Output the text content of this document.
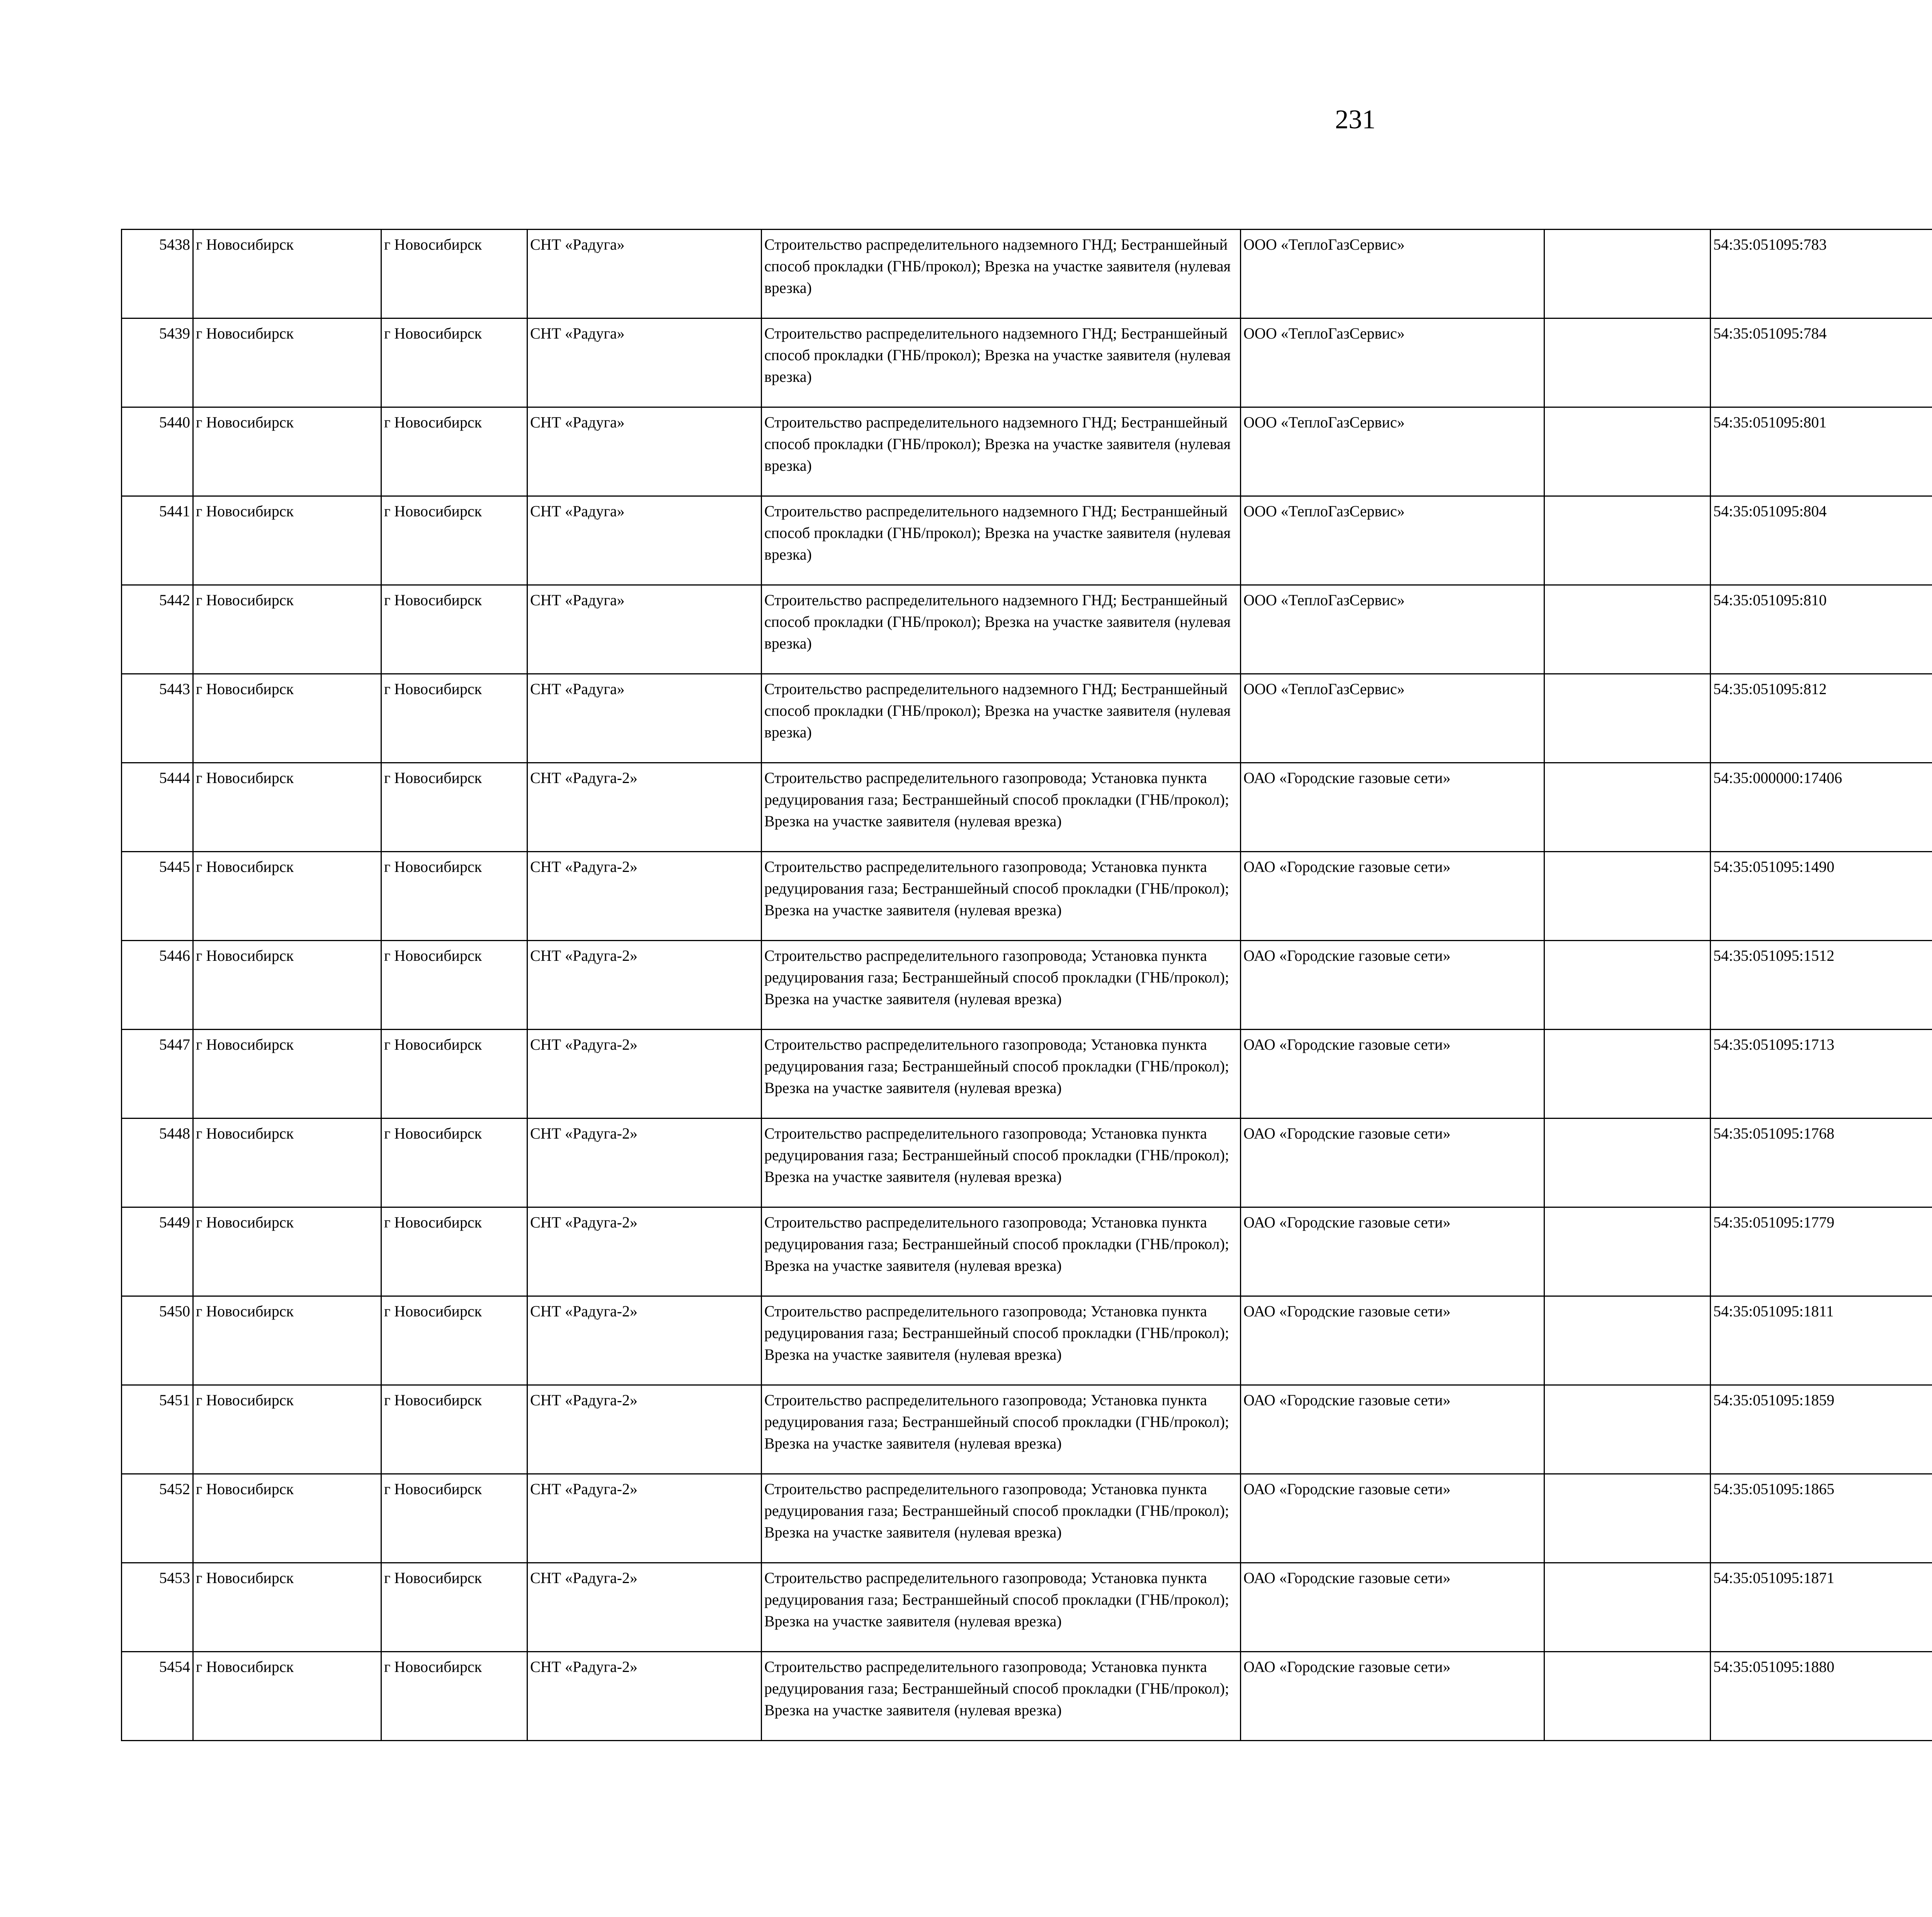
231
5438	г Новосибирск	г Новосибирск	СНТ «Радуга»	Строительство распределительного надземного ГНД; Бестраншейный способ прокладки (ГНБ/прокол); Врезка на участке заявителя (нулевая врезка)	ООО «ТеплоГазСервис»		54:35:051095:783						
5439	г Новосибирск	г Новосибирск	СНТ «Радуга»	Строительство распределительного надземного ГНД; Бестраншейный способ прокладки (ГНБ/прокол); Врезка на участке заявителя (нулевая врезка)	ООО «ТеплоГазСервис»		54:35:051095:784						
5440	г Новосибирск	г Новосибирск	СНТ «Радуга»	Строительство распределительного надземного ГНД; Бестраншейный способ прокладки (ГНБ/прокол); Врезка на участке заявителя (нулевая врезка)	ООО «ТеплоГазСервис»		54:35:051095:801						
5441	г Новосибирск	г Новосибирск	СНТ «Радуга»	Строительство распределительного надземного ГНД; Бестраншейный способ прокладки (ГНБ/прокол); Врезка на участке заявителя (нулевая врезка)	ООО «ТеплоГазСервис»		54:35:051095:804						
5442	г Новосибирск	г Новосибирск	СНТ «Радуга»	Строительство распределительного надземного ГНД; Бестраншейный способ прокладки (ГНБ/прокол); Врезка на участке заявителя (нулевая врезка)	ООО «ТеплоГазСервис»		54:35:051095:810						
5443	г Новосибирск	г Новосибирск	СНТ «Радуга»	Строительство распределительного надземного ГНД; Бестраншейный способ прокладки (ГНБ/прокол); Врезка на участке заявителя (нулевая врезка)	ООО «ТеплоГазСервис»		54:35:051095:812						
5444	г Новосибирск	г Новосибирск	СНТ «Радуга-2»	Строительство распределительного газопровода; Установка пункта редуцирования газа; Бестраншейный способ прокладки (ГНБ/прокол); Врезка на участке заявителя (нулевая врезка)	ОАО «Городские газовые сети»		54:35:000000:17406						
5445	г Новосибирск	г Новосибирск	СНТ «Радуга-2»	Строительство распределительного газопровода; Установка пункта редуцирования газа; Бестраншейный способ прокладки (ГНБ/прокол); Врезка на участке заявителя (нулевая врезка)	ОАО «Городские газовые сети»		54:35:051095:1490						
5446	г Новосибирск	г Новосибирск	СНТ «Радуга-2»	Строительство распределительного газопровода; Установка пункта редуцирования газа; Бестраншейный способ прокладки (ГНБ/прокол); Врезка на участке заявителя (нулевая врезка)	ОАО «Городские газовые сети»		54:35:051095:1512						
5447	г Новосибирск	г Новосибирск	СНТ «Радуга-2»	Строительство распределительного газопровода; Установка пункта редуцирования газа; Бестраншейный способ прокладки (ГНБ/прокол); Врезка на участке заявителя (нулевая врезка)	ОАО «Городские газовые сети»		54:35:051095:1713						
5448	г Новосибирск	г Новосибирск	СНТ «Радуга-2»	Строительство распределительного газопровода; Установка пункта редуцирования газа; Бестраншейный способ прокладки (ГНБ/прокол); Врезка на участке заявителя (нулевая врезка)	ОАО «Городские газовые сети»		54:35:051095:1768						
5449	г Новосибирск	г Новосибирск	СНТ «Радуга-2»	Строительство распределительного газопровода; Установка пункта редуцирования газа; Бестраншейный способ прокладки (ГНБ/прокол); Врезка на участке заявителя (нулевая врезка)	ОАО «Городские газовые сети»		54:35:051095:1779						
5450	г Новосибирск	г Новосибирск	СНТ «Радуга-2»	Строительство распределительного газопровода; Установка пункта редуцирования газа; Бестраншейный способ прокладки (ГНБ/прокол); Врезка на участке заявителя (нулевая врезка)	ОАО «Городские газовые сети»		54:35:051095:1811						
5451	г Новосибирск	г Новосибирск	СНТ «Радуга-2»	Строительство распределительного газопровода; Установка пункта редуцирования газа; Бестраншейный способ прокладки (ГНБ/прокол); Врезка на участке заявителя (нулевая врезка)	ОАО «Городские газовые сети»		54:35:051095:1859						
5452	г Новосибирск	г Новосибирск	СНТ «Радуга-2»	Строительство распределительного газопровода; Установка пункта редуцирования газа; Бестраншейный способ прокладки (ГНБ/прокол); Врезка на участке заявителя (нулевая врезка)	ОАО «Городские газовые сети»		54:35:051095:1865						
5453	г Новосибирск	г Новосибирск	СНТ «Радуга-2»	Строительство распределительного газопровода; Установка пункта редуцирования газа; Бестраншейный способ прокладки (ГНБ/прокол); Врезка на участке заявителя (нулевая врезка)	ОАО «Городские газовые сети»		54:35:051095:1871						
5454	г Новосибирск	г Новосибирск	СНТ «Радуга-2»	Строительство распределительного газопровода; Установка пункта редуцирования газа; Бестраншейный способ прокладки (ГНБ/прокол); Врезка на участке заявителя (нулевая врезка)	ОАО «Городские газовые сети»		54:35:051095:1880						
